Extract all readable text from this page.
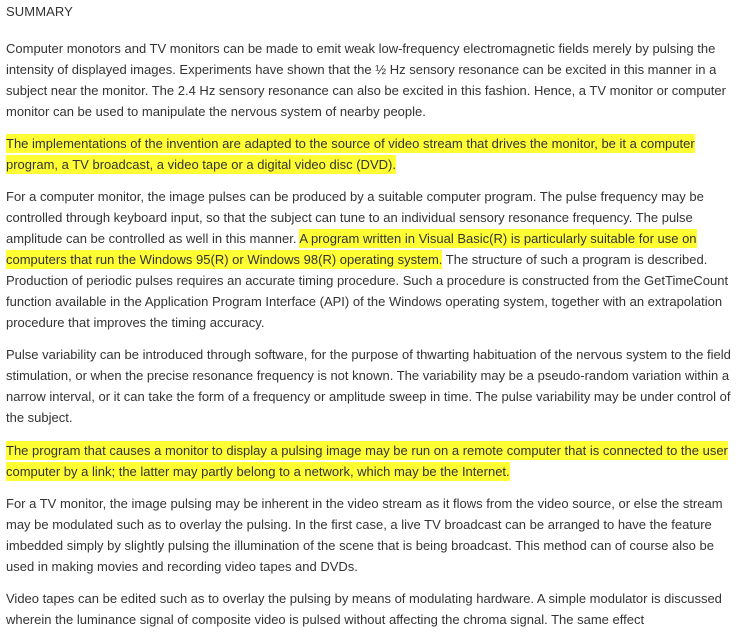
SUMMARY

Computer monotors and TV monitors can be made to emit weak low-frequency electromagnetic fields merely by pulsing the intensity of displayed images. Experiments have shown that the ½ Hz sensory resonance can be excited in this manner in a subject near the monitor. The 2.4 Hz sensory resonance can also be excited in this fashion. Hence, a TV monitor or computer monitor can be used to manipulate the nervous system of nearby people.

The implementations of the invention are adapted to the source of video stream that drives the monitor, be it a computer program, a TV broadcast, a video tape or a digital video disc (DVD).

For a computer monitor, the image pulses can be produced by a suitable computer program. The pulse frequency may be controlled through keyboard input, so that the subject can tune to an individual sensory resonance frequency. The pulse amplitude can be controlled as well in this manner. A program written in Visual Basic(R) is particularly suitable for use on computers that run the Windows 95(R) or Windows 98(R) operating system. The structure of such a program is described. Production of periodic pulses requires an accurate timing procedure. Such a procedure is constructed from the GetTimeCount function available in the Application Program Interface (API) of the Windows operating system, together with an extrapolation procedure that improves the timing accuracy.

Pulse variability can be introduced through software, for the purpose of thwarting habituation of the nervous system to the field stimulation, or when the precise resonance frequency is not known. The variability may be a pseudo-random variation within a narrow interval, or it can take the form of a frequency or amplitude sweep in time. The pulse variability may be under control of the subject.

The program that causes a monitor to display a pulsing image may be run on a remote computer that is connected to the user computer by a link; the latter may partly belong to a network, which may be the Internet.

For a TV monitor, the image pulsing may be inherent in the video stream as it flows from the video source, or else the stream may be modulated such as to overlay the pulsing. In the first case, a live TV broadcast can be arranged to have the feature imbedded simply by slightly pulsing the illumination of the scene that is being broadcast. This method can of course also be used in making movies and recording video tapes and DVDs.

Video tapes can be edited such as to overlay the pulsing by means of modulating hardware. A simple modulator is discussed wherein the luminance signal of composite video is pulsed without affecting the chroma signal. The same effect
